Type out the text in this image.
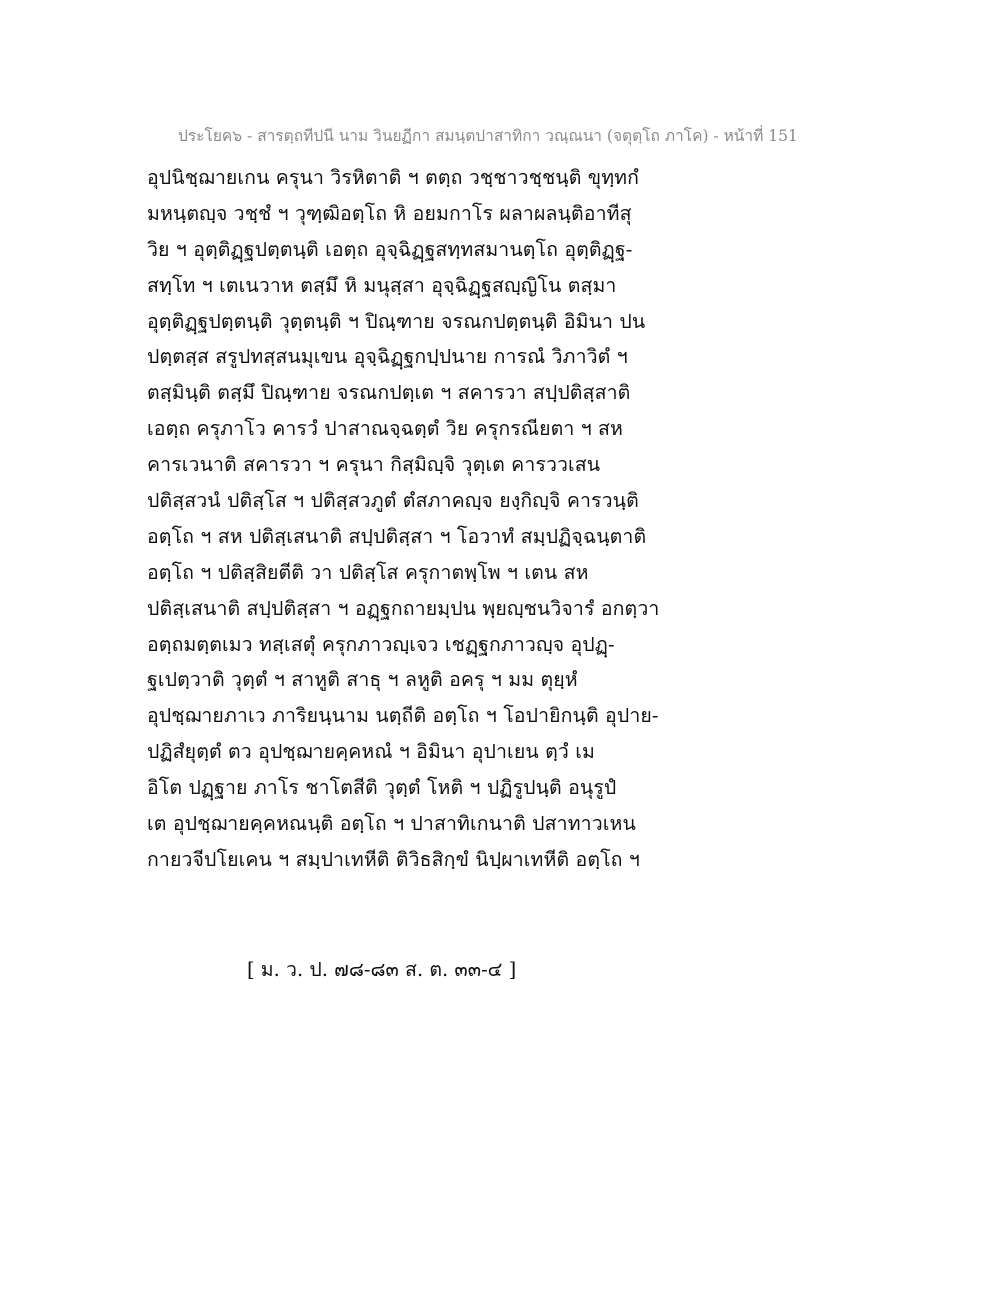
ประโยค๖ - สารตฺถทีปนี นาม วินยฏีกา สมนฺตปาสาทิกา วณฺณนา (จตุตฺโถ ภาโค) - หน้าที่ 151
อุปนิชฺฌายเกน ครุนา วิรหิตาติ ฯ ตตฺถ วชฺชาวชฺชนฺติ ขุทฺทกํ
มหนฺตญฺจ วชฺชํ ฯ วุฑฺฒิอตฺโถ หิ อยมกาโร ผลาผลนฺติอาทีสุ
วิย ฯ อุตฺติฏฺฐปตฺตนฺติ เอตฺถ อุจฺฉิฏฺฐสทฺทสมานตฺโถ อุตฺติฏฺฐ-
สทฺโท ฯ เตเนวาห ตสฺมึ หิ มนุสฺสา อุจฺฉิฏฺฐสญฺญิโน ตสฺมา
อุตฺติฏฺฐปตฺตนฺติ วุตฺตนฺติ ฯ ปิณฺฑาย จรณกปตฺตนฺติ อิมินา ปน
ปตฺตสฺส สรูปทสฺสนมุเขน อุจฺฉิฏฺฐกปฺปนาย การณํ วิภาวิตํ ฯ
ตสฺมินฺติ ตสฺมึ ปิณฺฑาย จรณกปตฺเต ฯ สคารวา สปฺปติสฺสาติ
เอตฺถ ครุภาโว คารวํ ปาสาณจฺฉตฺตํ วิย ครุกรณียตา ฯ สห
คารเวนาติ สคารวา ฯ ครุนา กิสฺมิญฺจิ วุตฺเต คารววเสน
ปติสฺสวนํ ปติสฺโส ฯ ปติสฺสวภูตํ ตํสภาคญฺจ ยงฺกิญฺจิ คารวนฺติ
อตฺโถ ฯ สห ปติสฺเสนาติ สปฺปติสฺสา ฯ โอวาทํ สมฺปฏิจฺฉนฺตาติ
อตฺโถ ฯ ปติสฺสิยตีติ วา ปติสฺโส ครุกาตพฺโพ ฯ เตน สห
ปติสฺเสนาติ สปฺปติสฺสา ฯ อฏฺฐกถายมฺปน พฺยญฺชนวิจารํ อกตฺวา
อตฺถมตฺตเมว ทสฺเสตุํ ครุกภาวญฺเจว เชฏฺฐกภาวญฺจ อุปฏฺ-
ฐเปตฺวาติ วุตฺตํ ฯ สาหูติ สาธุ ฯ ลหูติ อครุ ฯ มม ตุยฺหํ
อุปชฺฌายภาเว ภาริยนฺนาม นตฺถีติ อตฺโถ ฯ โอปายิกนฺติ อุปาย-
ปฏิสํยุตฺตํ ตว อุปชฺฌายคฺคหณํ ฯ อิมินา อุปาเยน ตฺวํ เม
อิโต ปฏฺฐาย ภาโร ชาโตสีติ วุตฺตํ โหติ ฯ ปฏิรูปนฺติ อนุรูปํ
เต อุปชฺฌายคฺคหณนฺติ อตฺโถ ฯ ปาสาทิเกนาติ ปสาทาวเหน
กายวจีปโยเคน ฯ สมฺปาเทหีติ ติวิธสิกฺขํ นิปฺผาเทหีติ อตฺโถ ฯ
[ ม. ว. ป. ๗๘-๘๓ ส. ต. ๓๓-๔ ]
